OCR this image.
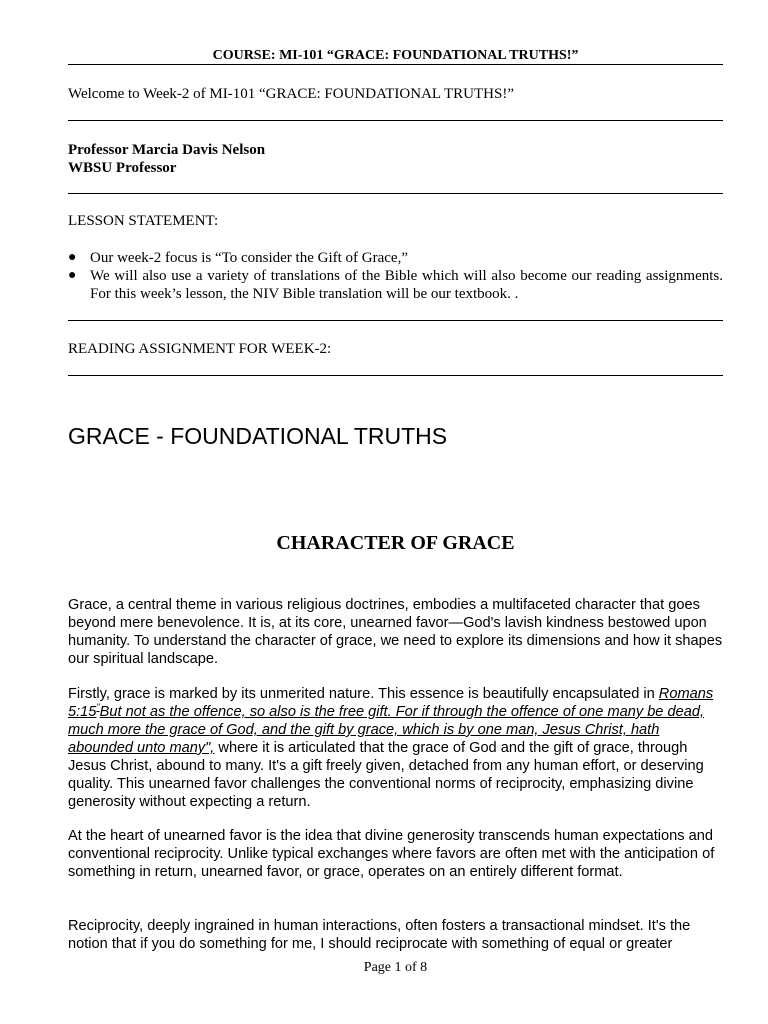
COURSE: MI-101 “GRACE: FOUNDATIONAL TRUTHS!”
Welcome to Week-2 of MI-101 “GRACE: FOUNDATIONAL TRUTHS!”
Professor Marcia Davis Nelson
WBSU Professor
LESSON STATEMENT:
● Our week-2 focus is “To consider the Gift of Grace,”
● We will also use a variety of translations of the Bible which will also become our reading assignments. For this week’s lesson, the NIV Bible translation will be our textbook. .
READING ASSIGNMENT FOR WEEK-2:
GRACE - FOUNDATIONAL TRUTHS
CHARACTER OF GRACE

Grace, a central theme in various religious doctrines, embodies a multifaceted character that goes beyond mere benevolence. It is, at its core, unearned favor—God's lavish kindness bestowed upon humanity. To understand the character of grace, we need to explore its dimensions and how it shapes our spiritual landscape.

Firstly, grace is marked by its unmerited nature. This essence is beautifully encapsulated in Romans 5:15"But not as the offence, so also is the free gift. For if through the offence of one many be dead, much more the grace of God, and the gift by grace, which is by one man, Jesus Christ, hath abounded unto many", where it is articulated that the grace of God and the gift of grace, through Jesus Christ, abound to many. It's a gift freely given, detached from any human effort, or deserving quality. This unearned favor challenges the conventional norms of reciprocity, emphasizing divine generosity without expecting a return.

At the heart of unearned favor is the idea that divine generosity transcends human expectations and conventional reciprocity. Unlike typical exchanges where favors are often met with the anticipation of something in return, unearned favor, or grace, operates on an entirely different format.

Reciprocity, deeply ingrained in human interactions, often fosters a transactional mindset. It's the notion that if you do something for me, I should reciprocate with something of equal or greater

Page 1 of 8
